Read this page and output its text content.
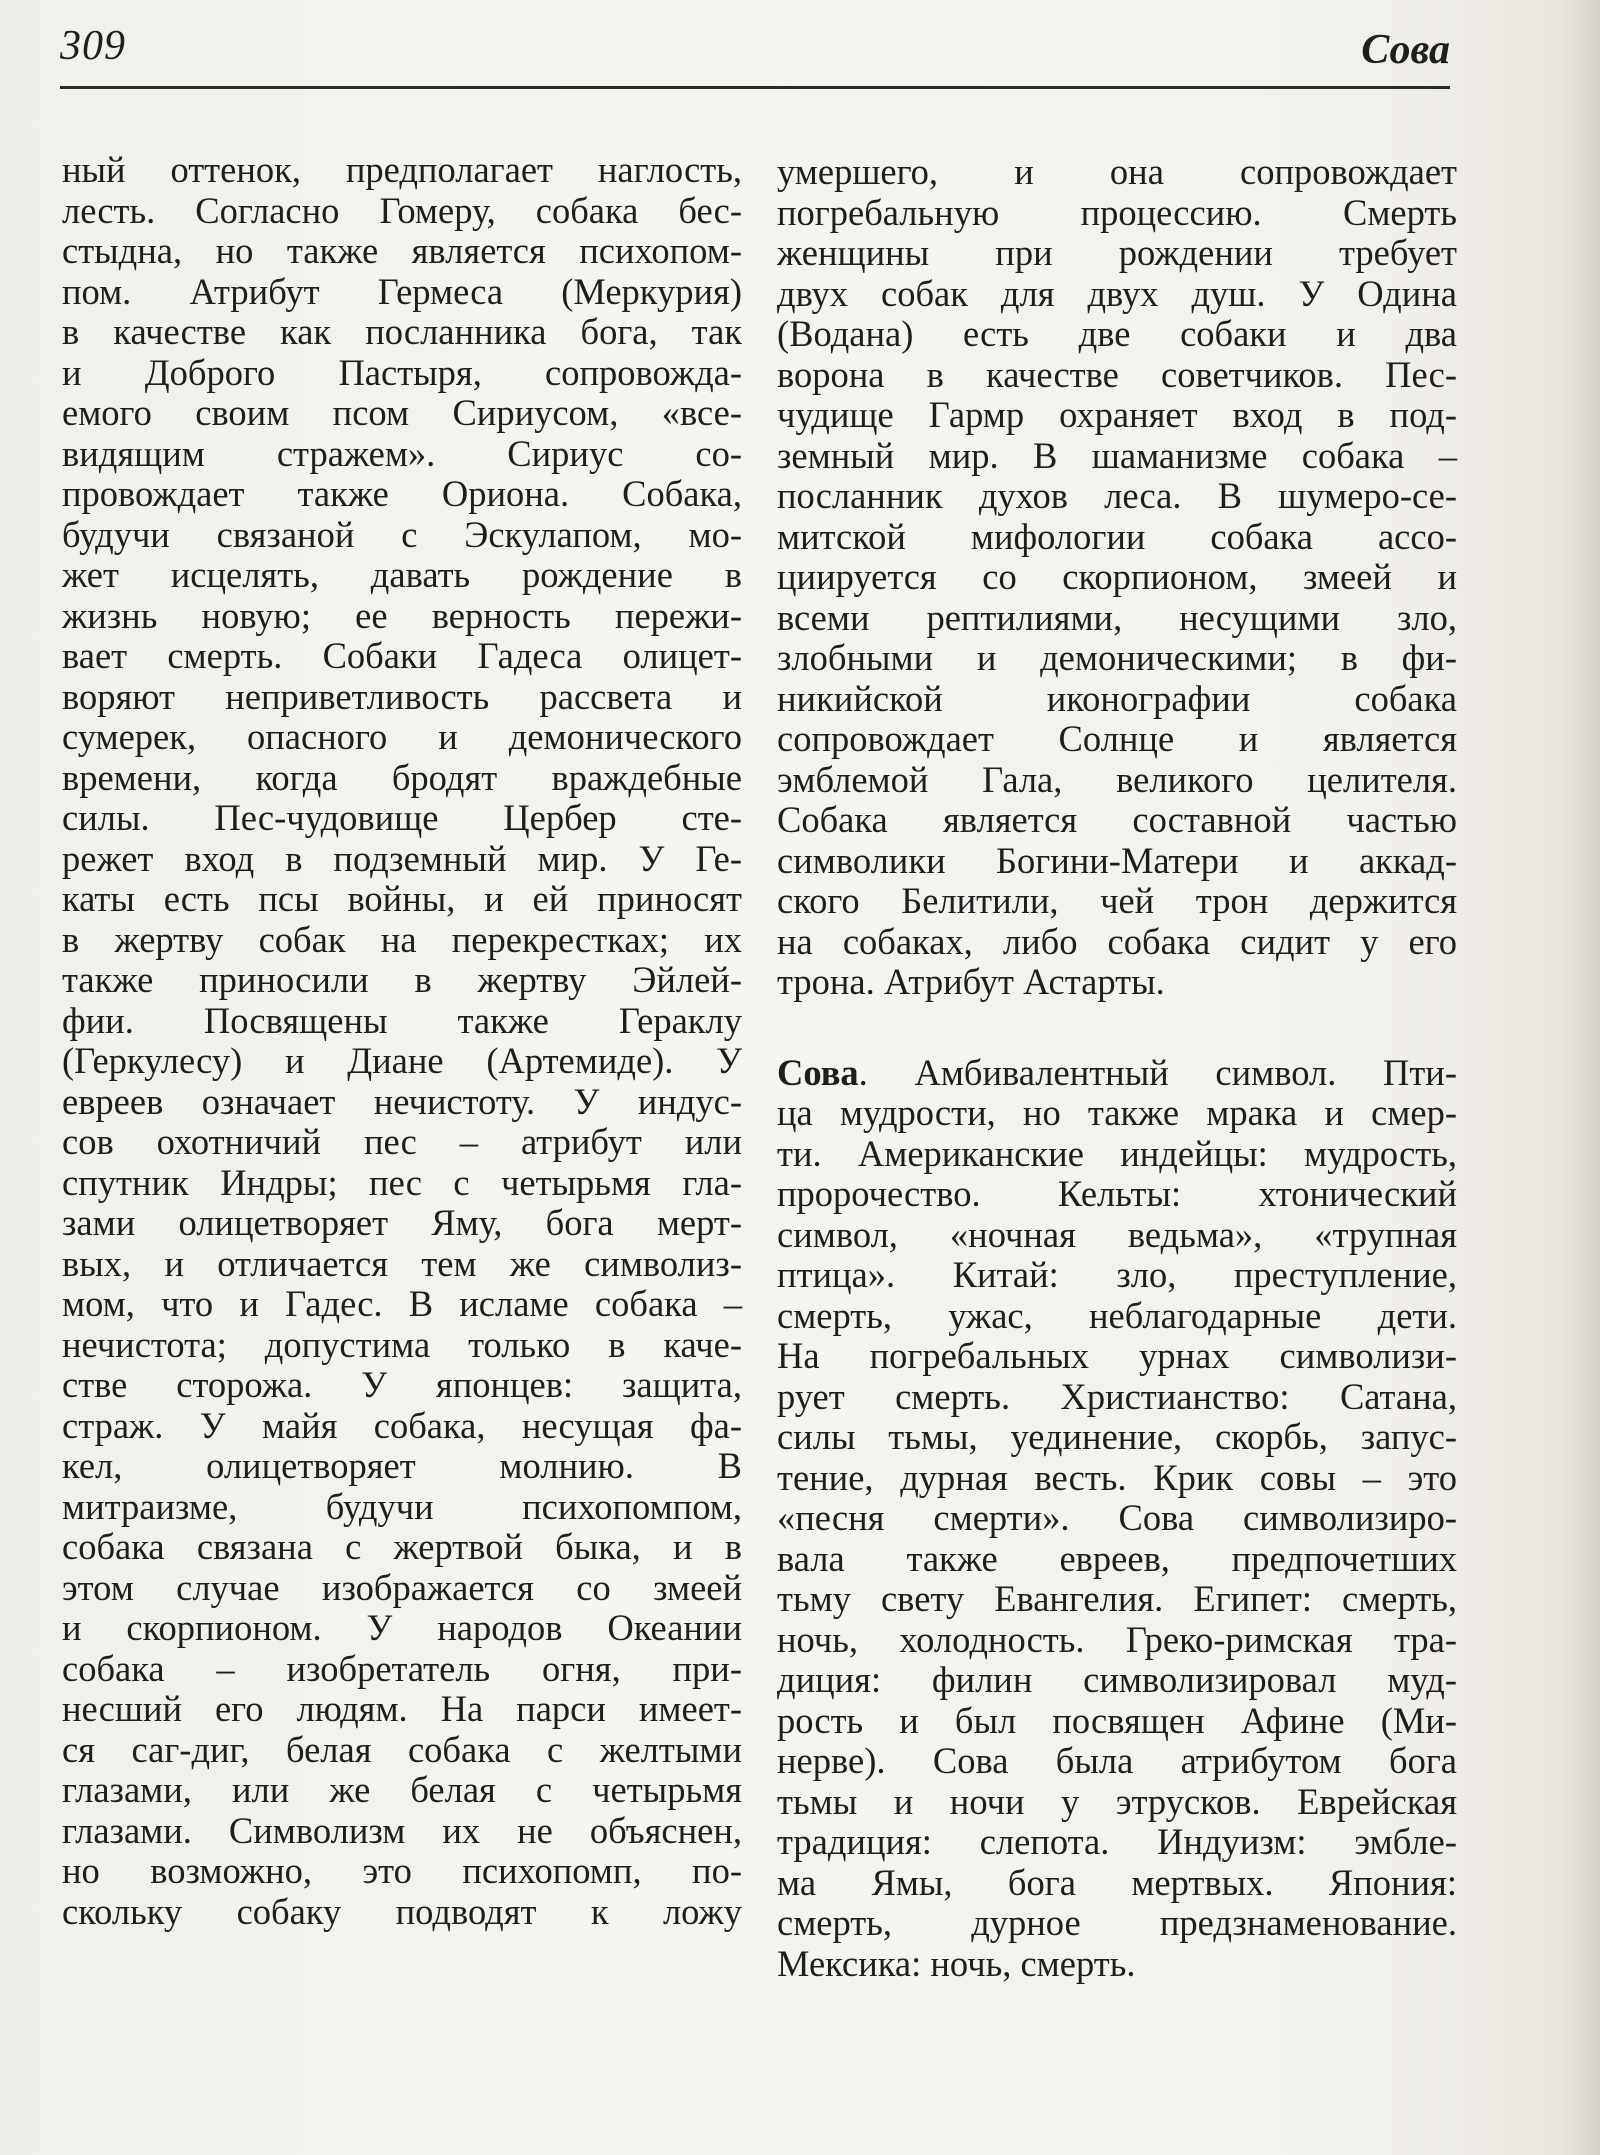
309	Сова
ный оттенок, предполагает наглость,
лесть. Согласно Гомеру, собака бес-
стыдна, но также является психопом-
пом. Атрибут Гермеса (Меркурия)
в качестве как посланника бога, так
и Доброго Пастыря, сопровожда-
емого своим псом Сириусом, «все-
видящим стражем». Сириус со-
провождает также Ориона. Собака,
будучи связаной с Эскулапом, мо-
жет исцелять, давать рождение в
жизнь новую; ее верность пережи-
вает смерть. Собаки Гадеса олицет-
воряют неприветливость рассвета и
сумерек, опасного и демонического
времени, когда бродят враждебные
силы. Пес-чудовище Цербер сте-
режет вход в подземный мир. У Ге-
каты есть псы войны, и ей приносят
в жертву собак на перекрестках; их
также приносили в жертву Эйлей-
фии. Посвящены также Гераклу
(Геркулесу) и Диане (Артемиде). У
евреев означает нечистоту. У индус-
сов охотничий пес – атрибут или
спутник Индры; пес с четырьмя гла-
зами олицетворяет Яму, бога мерт-
вых, и отличается тем же символиз-
мом, что и Гадес. В исламе собака –
нечистота; допустима только в каче-
стве сторожа. У японцев: защита,
страж. У майя собака, несущая фа-
кел, олицетворяет молнию. В
митраизме, будучи психопомпом,
собака связана с жертвой быка, и в
этом случае изображается со змеей
и скорпионом. У народов Океании
собака – изобретатель огня, при-
несший его людям. На парси имеет-
ся саг-диг, белая собака с желтыми
глазами, или же белая с четырьмя
глазами. Символизм их не объяснен,
но возможно, это психопомп, по-
скольку собаку подводят к ложу
умершего, и она сопровождает
погребальную процессию. Смерть
женщины при рождении требует
двух собак для двух душ. У Одина
(Водана) есть две собаки и два
ворона в качестве советчиков. Пес-
чудище Гармр охраняет вход в под-
земный мир. В шаманизме собака –
посланник духов леса. В шумеро-се-
митской мифологии собака ассо-
циируется со скорпионом, змеей и
всеми рептилиями, несущими зло,
злобными и демоническими; в фи-
никийской иконографии собака
сопровождает Солнце и является
эмблемой Гала, великого целителя.
Собака является составной частью
символики Богини-Матери и аккад-
ского Белитили, чей трон держится
на собаках, либо собака сидит у его
трона. Атрибут Астарты.
Сова. Амбивалентный символ. Пти-
ца мудрости, но также мрака и смер-
ти. Американские индейцы: мудрость,
пророчество. Кельты: хтонический
символ, «ночная ведьма», «трупная
птица». Китай: зло, преступление,
смерть, ужас, неблагодарные дети.
На погребальных урнах символизи-
рует смерть. Христианство: Сатана,
силы тьмы, уединение, скорбь, запус-
тение, дурная весть. Крик совы – это
«песня смерти». Сова символизиро-
вала также евреев, предпочетших
тьму свету Евангелия. Египет: смерть,
ночь, холодность. Греко-римская тра-
диция: филин символизировал муд-
рость и был посвящен Афине (Ми-
нерве). Сова была атрибутом бога
тьмы и ночи у этрусков. Еврейская
традиция: слепота. Индуизм: эмбле-
ма Ямы, бога мертвых. Япония:
смерть, дурное предзнаменование.
Мексика: ночь, смерть.
